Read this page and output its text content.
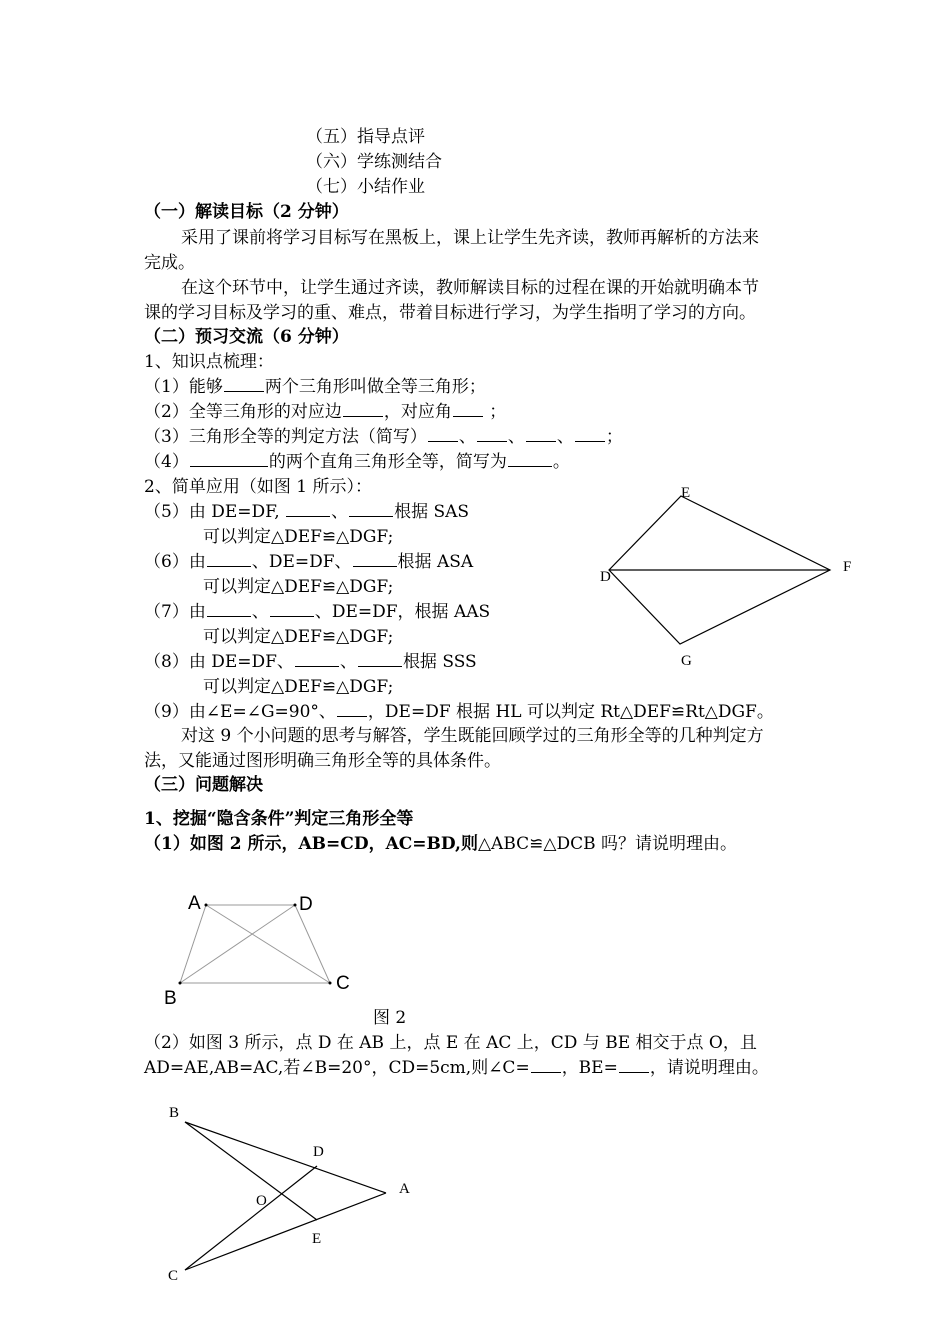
（五）指导点评
（六）学练测结合
（七）小结作业
（一）解读目标（2 分钟）
采用了课前将学习目标写在黑板上，课上让学生先齐读，教师再解析的方法来
完成。
在这个环节中，让学生通过齐读，教师解读目标的过程在课的开始就明确本节
课的学习目标及学习的重、难点，带着目标进行学习，为学生指明了学习的方向。
（二）预习交流（6 分钟）
1、知识点梳理：
（1）能够 两个三角形叫做全等三角形；
（2）全等三角形的对应边 ，对应角 ；
（3）三角形全等的判定方法（简写） 、 、 、 ；
（4）	的两个直角三角形全等，简写为	。
2、简单应用（如图 1 所示）：
（5）由 DE=DF,	、	根据 SAS
可以判定△DEF≌△DGF;
（6）由	、DE=DF、	根据 ASA
可以判定△DEF≌△DGF;
（7）由	、	、DE=DF，根据 AAS
可以判定△DEF≌△DGF;
（8）由 DE=DF、	、	根据 SSS
可以判定△DEF≌△DGF;
（9）由∠E=∠G=90°、 ，DE=DF 根据 HL 可以判定 Rt△DEF≌Rt△DGF。
对这 9 个小问题的思考与解答，学生既能回顾学过的三角形全等的几种判定方
法，又能通过图形明确三角形全等的具体条件。
E
D
F
G
（三）问题解决
1、挖掘“隐含条件”判定三角形全等
（1）如图 2 所示，AB=CD，AC=BD,则△ABC≌△DCB 吗？请说明理由。
A	D
B
C
图 2
（2）如图 3 所示，点 D 在 AB 上，点 E 在 AC 上，CD 与 BE 相交于点 O，且
AD=AE,AB=AC,若∠B=20°，CD=5cm,则∠C= ，BE= ，请说明理由。
B
D
A
O
E
C
